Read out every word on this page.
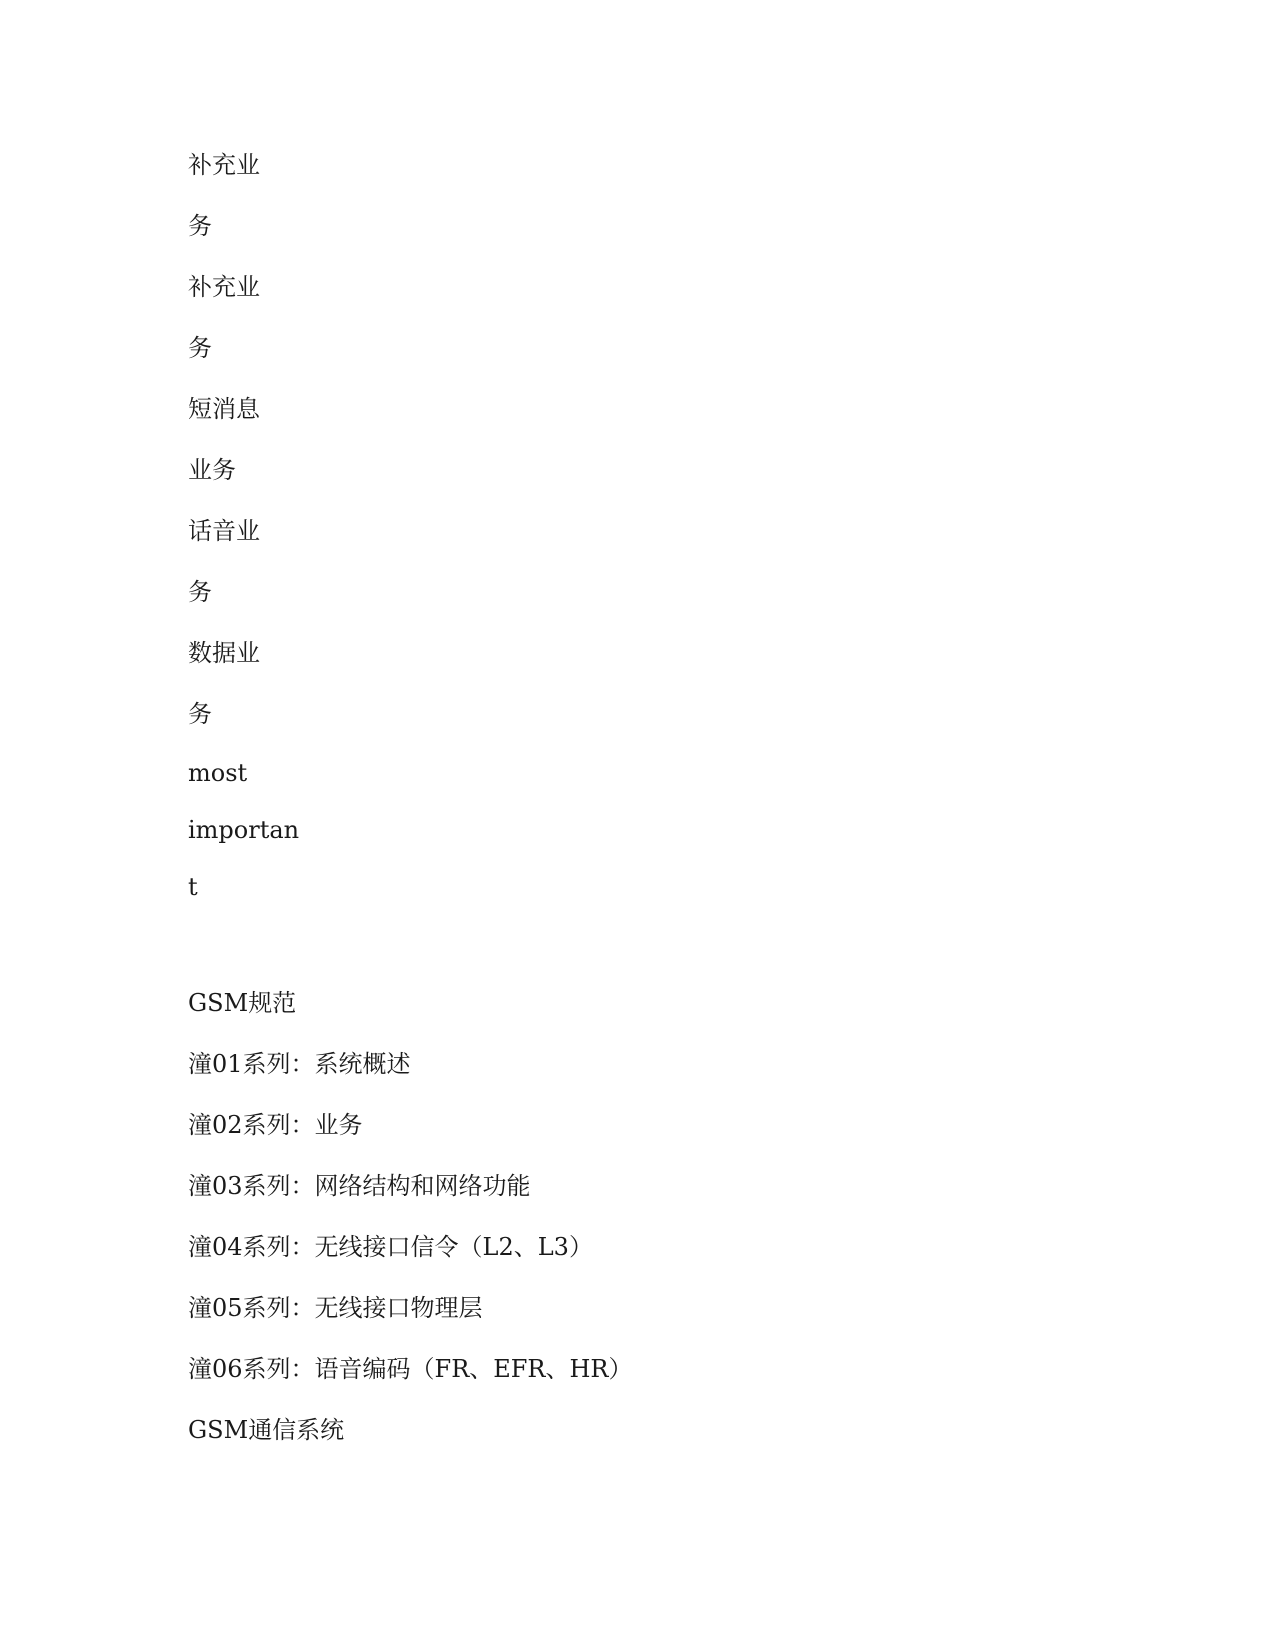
补充业

务

补充业

务

短消息

业务

话音业

务

数据业

务

most

importan

t

GSM规范

潼01系列：系统概述

潼02系列：业务

潼03系列：网络结构和网络功能

潼04系列：无线接口信令（L2、L3）

潼05系列：无线接口物理层

潼06系列：语音编码（FR、EFR、HR）

GSM通信系统
